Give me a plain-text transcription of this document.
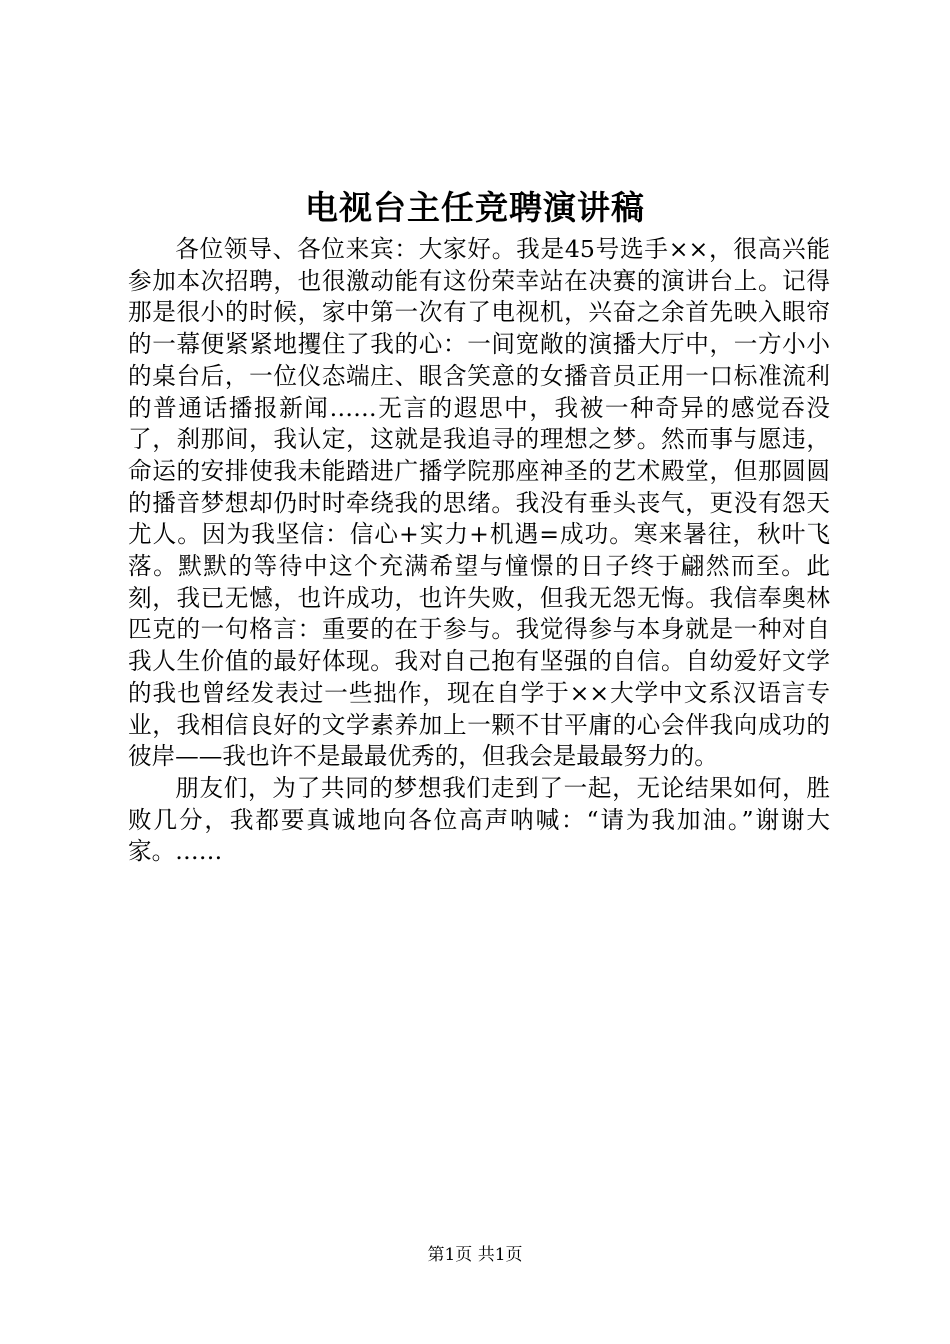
电视台主任竞聘演讲稿

各位领导、各位来宾：大家好。我是45号选手××，很高兴能参加本次招聘，也很激动能有这份荣幸站在决赛的演讲台上。记得那是很小的时候，家中第一次有了电视机，兴奋之余首先映入眼帘的一幕便紧紧地攫住了我的心：一间宽敞的演播大厅中，一方小小的桌台后，一位仪态端庄、眼含笑意的女播音员正用一口标准流利的普通话播报新闻……无言的遐思中，我被一种奇异的感觉吞没了，刹那间，我认定，这就是我追寻的理想之梦。然而事与愿违，命运的安排使我未能踏进广播学院那座神圣的艺术殿堂，但那圆圆的播音梦想却仍时时牵绕我的思绪。我没有垂头丧气，更没有怨天尤人。因为我坚信：信心+实力+机遇=成功。寒来暑往，秋叶飞落。默默的等待中这个充满希望与憧憬的日子终于翩然而至。此刻，我已无憾，也许成功，也许失败，但我无怨无悔。我信奉奥林匹克的一句格言：重要的在于参与。我觉得参与本身就是一种对自我人生价值的最好体现。我对自己抱有坚强的自信。自幼爱好文学的我也曾经发表过一些拙作，现在自学于××大学中文系汉语言专业，我相信良好的文学素养加上一颗不甘平庸的心会伴我向成功的彼岸——我也许不是最最优秀的，但我会是最最努力的。

朋友们，为了共同的梦想我们走到了一起，无论结果如何，胜败几分，我都要真诚地向各位高声呐喊：“请为我加油。”谢谢大家。……

第1页 共1页
